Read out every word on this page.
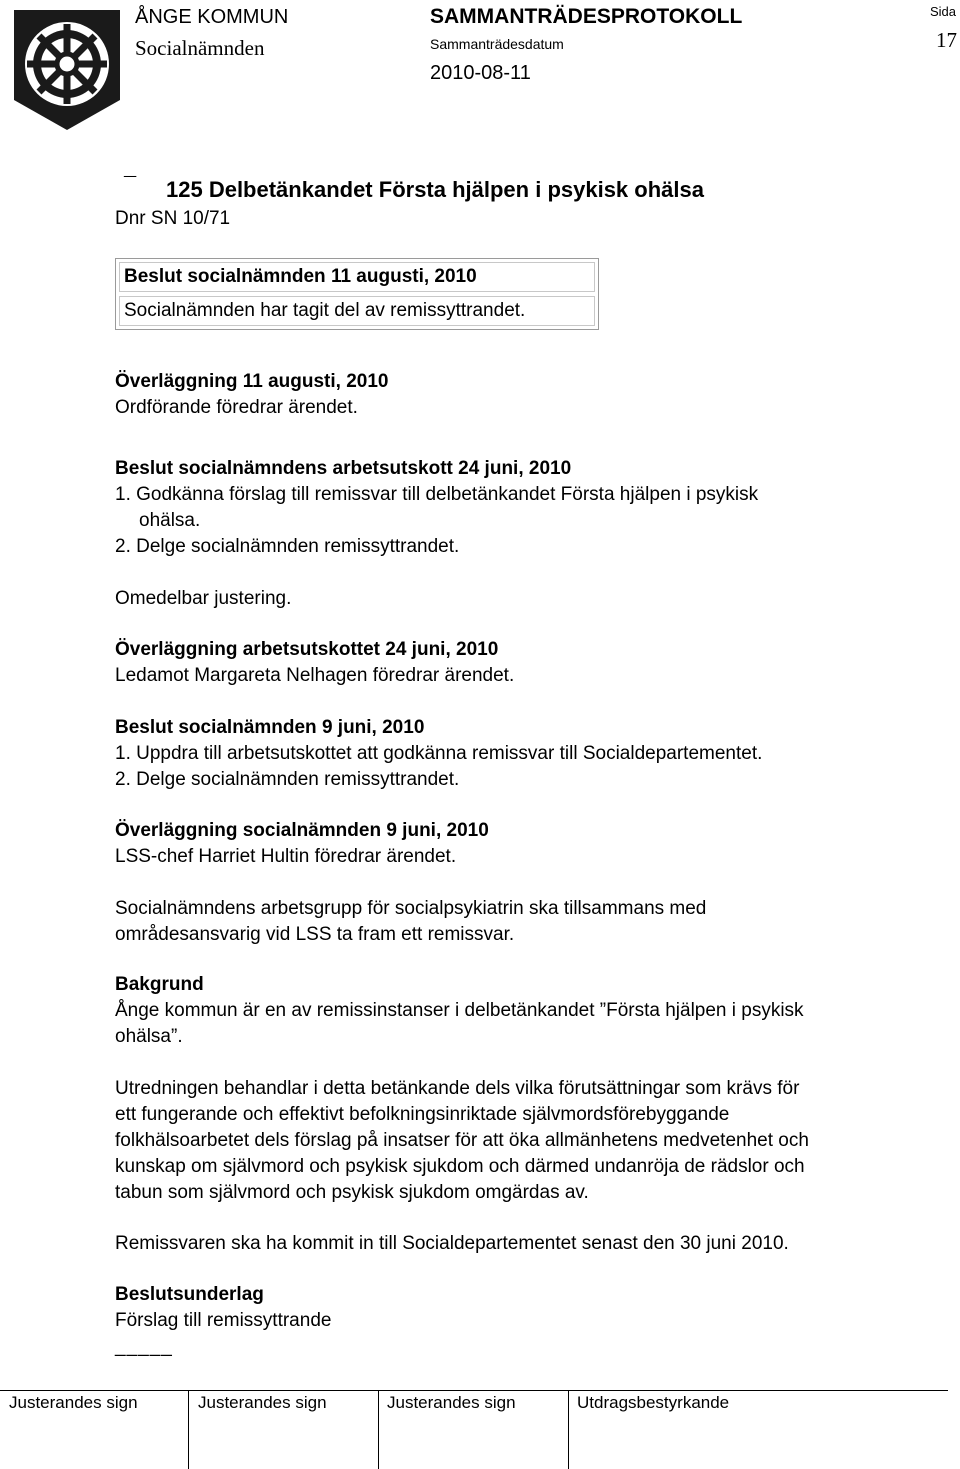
ÅNGE KOMMUN
Socialnämnden
SAMMANTRÄDESPROTOKOLL
Sammanträdesdatum
2010-08-11
Sida
17
¯ 125 Delbetänkandet Första hjälpen i psykisk ohälsa
Dnr SN 10/71
Beslut socialnämnden 11 augusti, 2010
Socialnämnden har tagit del av remissyttrandet.
Överläggning 11 augusti, 2010
Ordförande föredrar ärendet.
Beslut socialnämndens arbetsutskott 24 juni, 2010
1. Godkänna förslag till remissvar till delbetänkandet Första hjälpen i psykisk
ohälsa.
2. Delge socialnämnden remissyttrandet.
Omedelbar justering.
Överläggning arbetsutskottet 24 juni, 2010
Ledamot Margareta Nelhagen föredrar ärendet.
Beslut socialnämnden 9 juni, 2010
1. Uppdra till arbetsutskottet att godkänna remissvar till Socialdepartementet.
2. Delge socialnämnden remissyttrandet.
Överläggning socialnämnden 9 juni, 2010
LSS-chef Harriet Hultin föredrar ärendet.
Socialnämndens arbetsgrupp för socialpsykiatrin ska tillsammans med
områdesansvarig vid LSS ta fram ett remissvar.
Bakgrund
Ånge kommun är en av remissinstanser i delbetänkandet ”Första hjälpen i psykisk
ohälsa”.
Utredningen behandlar i detta betänkande dels vilka förutsättningar som krävs för
ett fungerande och effektivt befolkningsinriktade självmordsförebyggande
folkhälsoarbetet dels förslag på insatser för att öka allmänhetens medvetenhet och
kunskap om självmord och psykisk sjukdom och därmed undanröja de rädslor och
tabun som självmord och psykisk sjukdom omgärdas av.
Remissvaren ska ha kommit in till Socialdepartementet senast den 30 juni 2010.
Beslutsunderlag
Förslag till remissyttrande
_____
Justerandes sign	Justerandes sign	Justerandes sign	Utdragsbestyrkande
